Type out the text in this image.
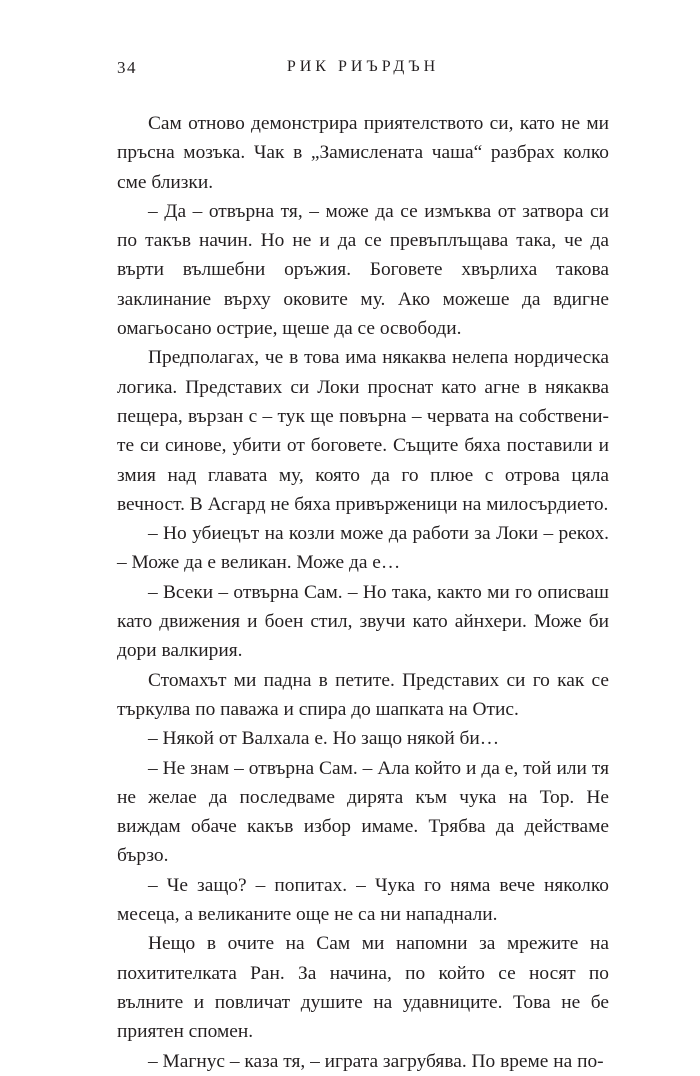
34	РИК РИЪРДЪН

Сам отново демонстрира приятелството си, като не ми пръсна мозъка. Чак в „Замислената чаша“ разбрах колко сме близки.

– Да – отвърна тя, – може да се измъква от затвора си по такъв начин. Но не и да се превъплъщава така, че да върти вълшебни оръжия. Боговете хвърлиха такова заклинание върху оковите му. Ако можеше да вдигне омагьосано острие, щеше да се освободи.

Предполагах, че в това има някаква нелепа нордическа логика. Представих си Локи проснат като агне в някаква пещера, вързан с – тук ще повърна – червата на собствените си синове, убити от боговете. Същите бяха поставили и змия над главата му, която да го плюе с отрова цяла вечност. В Асгард не бяха привърженици на милосърдието.

– Но убиецът на козли може да работи за Локи – рекох. – Може да е великан. Може да е…

– Всеки – отвърна Сам. – Но така, както ми го описваш като движения и боен стил, звучи като айнхери. Може би дори валкирия.

Стомахът ми падна в петите. Представих си го как се търкулва по паважа и спира до шапката на Отис.

– Някой от Валхала е. Но защо някой би…

– Не знам – отвърна Сам. – Ала който и да е, той или тя не желае да последваме дирята към чука на Тор. Не виждам обаче какъв избор имаме. Трябва да действаме бързо.

– Че защо? – попитах. – Чука го няма вече няколко месеца, а великаните още не са ни нападнали.

Нещо в очите на Сам ми напомни за мрежите на похитителката Ран. За начина, по който се носят по вълните и повличат душите на удавниците. Това не бе приятен спомен.

– Магнус – каза тя, – играта загрубява. По време на по-
